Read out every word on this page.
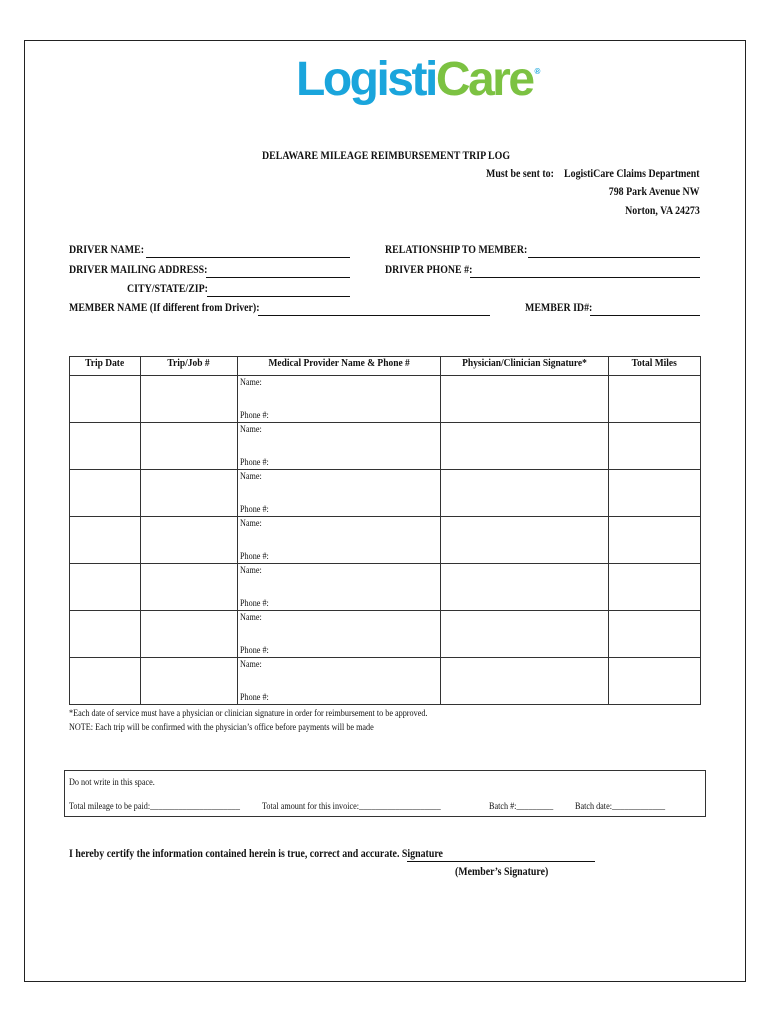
LogistiCare ®
DELAWARE MILEAGE REIMBURSEMENT TRIP LOG
Must be sent to: LogistiCare Claims Department
798 Park Avenue NW
Norton, VA 24273
DRIVER NAME:
DRIVER MAILING ADDRESS:
CITY/STATE/ZIP:
MEMBER NAME (If different from Driver):
RELATIONSHIP TO MEMBER:
DRIVER PHONE #:
MEMBER ID#:
Trip Date	Trip/Job #	Medical Provider Name & Phone #	Physician/Clinician Signature*	Total Miles

		Name:
Phone #:		

		Name:
Phone #:		

		Name:
Phone #:		

		Name:
Phone #:		

		Name:
Phone #:		

		Name:
Phone #:		

		Name:
Phone #:		

*Each date of service must have a physician or clinician signature in order for reimbursement to be approved.
NOTE: Each trip will be confirmed with the physician’s office before payments will be made
Do not write in this space.
Total mileage to be paid:______________________ Total amount for this invoice:____________________	Batch #:_________ Batch date:_____________
I hereby certify the information contained herein is true, correct and accurate. Signature
(Member’s Signature)
